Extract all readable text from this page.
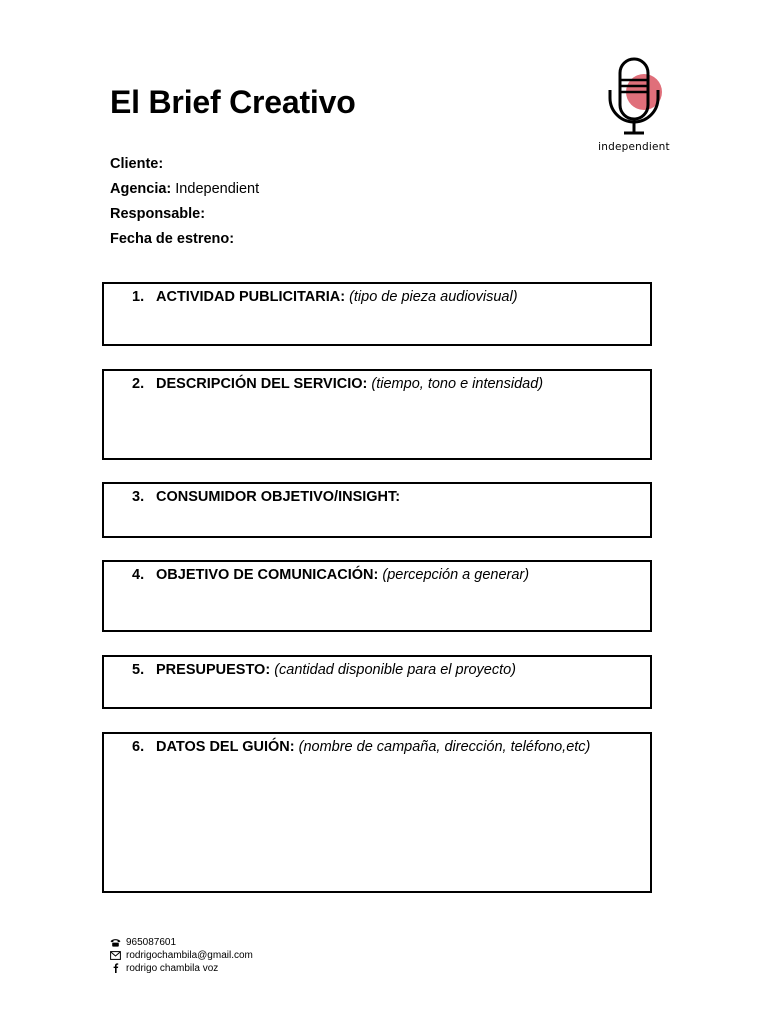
El Brief Creativo
independient
Cliente:
Agencia: Independient
Responsable:
Fecha de estreno:
1. ACTIVIDAD PUBLICITARIA: (tipo de pieza audiovisual)
2. DESCRIPCIÓN DEL SERVICIO: (tiempo, tono e intensidad)
3. CONSUMIDOR OBJETIVO/INSIGHT:
4. OBJETIVO DE COMUNICACIÓN: (percepción a generar)
5. PRESUPUESTO: (cantidad disponible para el proyecto)
6. DATOS DEL GUIÓN: (nombre de campaña, dirección, teléfono,etc)
965087601
rodrigochambila@gmail.com
rodrigo chambila voz
